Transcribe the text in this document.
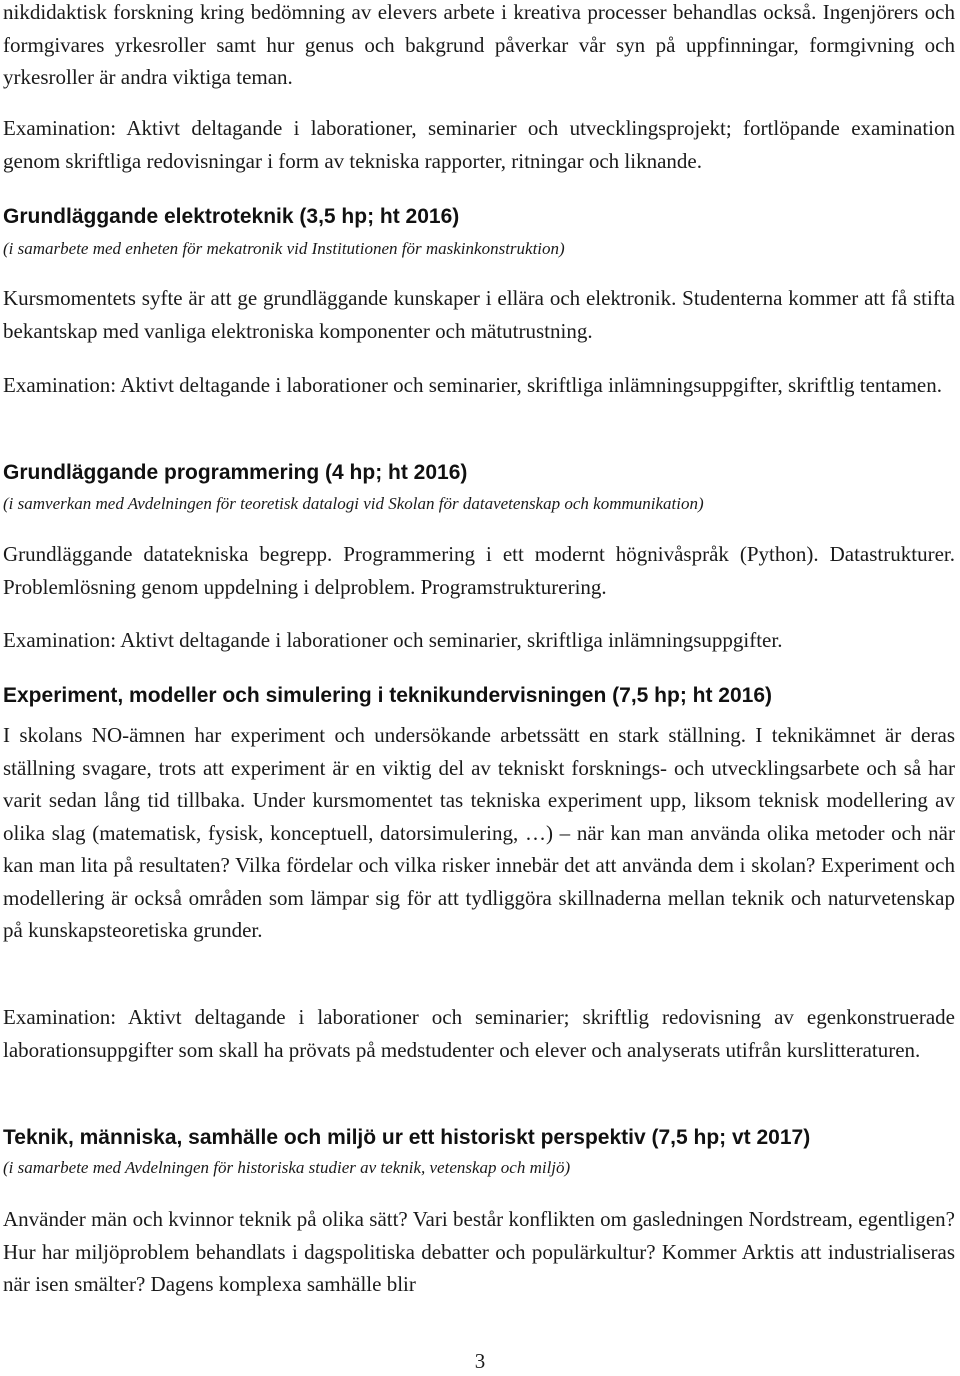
nikdidaktisk forskning kring bedömning av elevers arbete i kreativa processer behandlas också. Ingenjörers och formgivares yrkesroller samt hur genus och bakgrund påverkar vår syn på uppfinningar, formgivning och yrkesroller är andra viktiga teman.

Examination: Aktivt deltagande i laborationer, seminarier och utvecklingsprojekt; fortlöpande examination genom skriftliga redovisningar i form av tekniska rapporter, ritningar och liknande.

Grundläggande elektroteknik (3,5 hp; ht 2016)
(i samarbete med enheten för mekatronik vid Institutionen för maskinkonstruktion)

Kursmomentets syfte är att ge grundläggande kunskaper i ellära och elektronik. Studenterna kommer att få stifta bekantskap med vanliga elektroniska komponenter och mätutrustning.

Examination: Aktivt deltagande i laborationer och seminarier, skriftliga inlämningsuppgifter, skriftlig tentamen.

Grundläggande programmering (4 hp; ht 2016)
(i samverkan med Avdelningen för teoretisk datalogi vid Skolan för datavetenskap och kommunikation)

Grundläggande datatekniska begrepp. Programmering i ett modernt högnivåspråk (Python). Datastrukturer. Problemlösning genom uppdelning i delproblem. Programstrukturering.

Examination: Aktivt deltagande i laborationer och seminarier, skriftliga inlämningsuppgifter.

Experiment, modeller och simulering i teknikundervisningen (7,5 hp; ht 2016)

I skolans NO-ämnen har experiment och undersökande arbetssätt en stark ställning. I teknikämnet är deras ställning svagare, trots att experiment är en viktig del av tekniskt forsknings- och utvecklingsarbete och så har varit sedan lång tid tillbaka. Under kursmomentet tas tekniska experiment upp, liksom teknisk modellering av olika slag (matematisk, fysisk, konceptuell, datorsimulering, …) – när kan man använda olika metoder och när kan man lita på resultaten? Vilka fördelar och vilka risker innebär det att använda dem i skolan? Experiment och modellering är också områden som lämpar sig för att tydliggöra skillnaderna mellan teknik och naturvetenskap på kunskapsteoretiska grunder.

Examination: Aktivt deltagande i laborationer och seminarier; skriftlig redovisning av egenkonstruerade laborationsuppgifter som skall ha prövats på medstudenter och elever och analyserats utifrån kurslitteraturen.

Teknik, människa, samhälle och miljö ur ett historiskt perspektiv (7,5 hp; vt 2017)
(i samarbete med Avdelningen för historiska studier av teknik, vetenskap och miljö)

Använder män och kvinnor teknik på olika sätt? Vari består konflikten om gasledningen Nordstream, egentligen? Hur har miljöproblem behandlats i dagspolitiska debatter och populärkultur? Kommer Arktis att industrialiseras när isen smälter? Dagens komplexa samhälle blir

3
